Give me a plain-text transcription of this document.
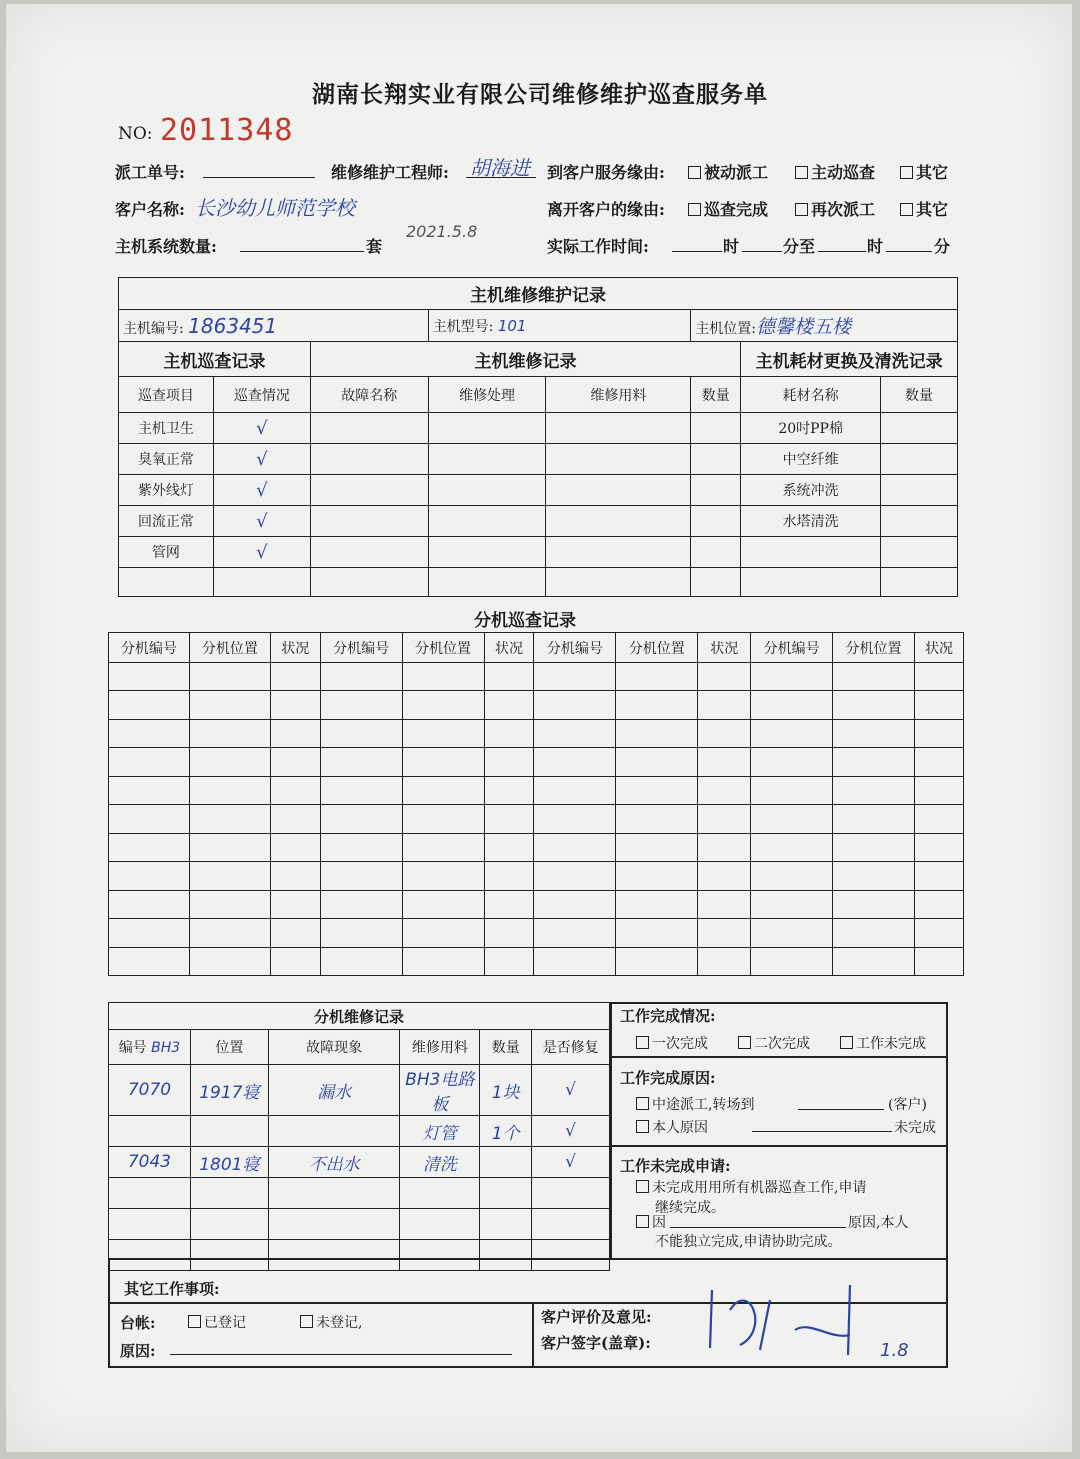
湖南长翔实业有限公司维修维护巡查服务单
NO: 2011348
派工单号:	维修维护工程师: 胡海进 到客户服务缘由:	被动派工	主动巡查	其它
客户名称: 长沙幼儿师范学校	离开客户的缘由:	巡查完成	再次派工	其它
主机系统数量:	套
2021.5.8
实际工作时间:	时	分至	时	分
主机维修维护记录							
主机编号: 1863451			主机型号: 101		主机位置:德馨楼五楼		
主机巡查记录		主机维修记录				主机耗材更换及清洗记录	
巡查项目	巡查情况	故障名称	维修处理	维修用料	数量	耗材名称	数量
主机卫生	√					20吋PP棉	
臭氧正常	√					中空纤维	
紫外线灯	√					系统冲洗	
回流正常	√					水塔清洗	
管网	√						

分机巡查记录
分机编号	分机位置	状况	分机编号	分机位置	状况	分机编号	分机位置	状况	分机编号	分机位置	状况

分机维修记录					
编号 BH3	位置	故障现象	维修用料	数量	是否修复
7070	1917寝	漏水	BH3电路板	1块	√
			灯管	1个	√
7043	1801寝	不出水	清洗		√

工作完成情况:
一次完成	二次完成	工作未完成
工作完成原因:
中途派工,转场到	(客户)
本人原因	未完成
工作未完成申请:
未完成用用所有机器巡查工作,申请
继续完成。
因	原因,本人
不能独立完成,申请协助完成。
其它工作事项:
台帐:	已登记	未登记,
原因:
客户评价及意见:
客户签字(盖章):	1.8
